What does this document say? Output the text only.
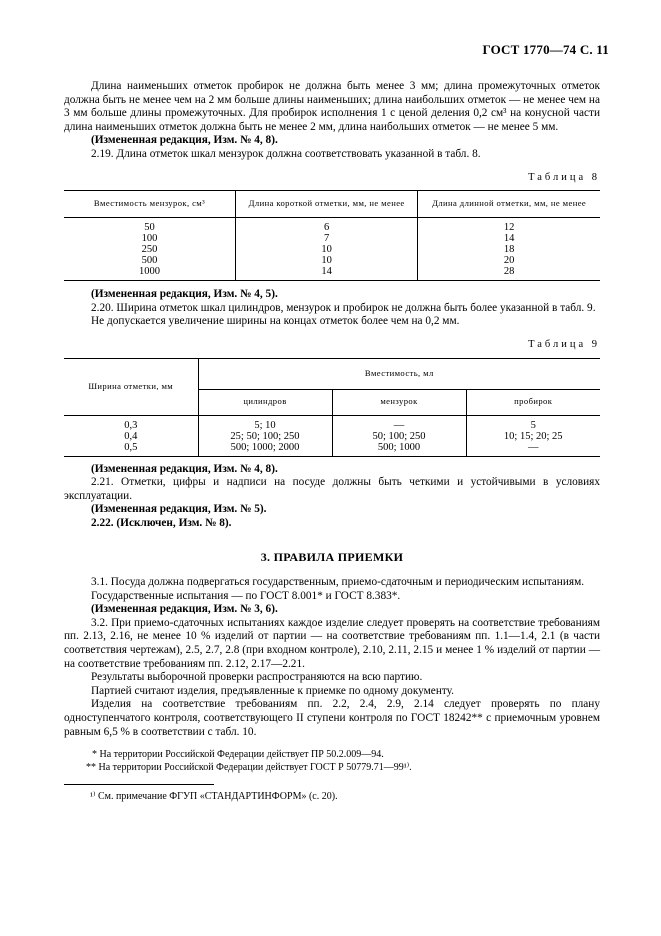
ГОСТ 1770—74 С. 11

Длина наименьших отметок пробирок не должна быть менее 3 мм; длина промежуточных отметок должна быть не менее чем на 2 мм больше длины наименьших; длина наибольших отметок — не менее чем на 3 мм больше длины промежуточных. Для пробирок исполнения 1 с ценой деления 0,2 см³ на конусной части длина наименьших отметок должна быть не менее 2 мм, длина наибольших отметок — не менее 5 мм.

(Измененная редакция, Изм. № 4, 8).

2.19. Длина отметок шкал мензурок должна соответствовать указанной в табл. 8.

Таблица 8
Вместимость мензурок, см³	Длина короткой отметки, мм, не менее	Длина длинной отметки, мм, не менее
50	6	12
100	7	14
250	10	18
500	10	20
1000	14	28

(Измененная редакция, Изм. № 4, 5).

2.20. Ширина отметок шкал цилиндров, мензурок и пробирок не должна быть более указанной в табл. 9.

Не допускается увеличение ширины на концах отметок более чем на 0,2 мм.

Таблица 9
Ширина отметки, мм	Вместимость, мл		
	цилиндров	мензурок	пробирок
0,3	5; 10	—	5
0,4	25; 50; 100; 250	50; 100; 250	10; 15; 20; 25
0,5	500; 1000; 2000	500; 1000	—

(Измененная редакция, Изм. № 4, 8).

2.21. Отметки, цифры и надписи на посуде должны быть четкими и устойчивыми в условиях эксплуатации.

(Измененная редакция, Изм. № 5).

2.22. (Исключен, Изм. № 8).

3. ПРАВИЛА ПРИЕМКИ

3.1. Посуда должна подвергаться государственным, приемо-сдаточным и периодическим испытаниям.

Государственные испытания — по ГОСТ 8.001* и ГОСТ 8.383*.

(Измененная редакция, Изм. № 3, 6).

3.2. При приемо-сдаточных испытаниях каждое изделие следует проверять на соответствие требованиям пп. 2.13, 2.16, не менее 10 % изделий от партии — на соответствие требованиям пп. 1.1—1.4, 2.1 (в части соответствия чертежам), 2.5, 2.7, 2.8 (при входном контроле), 2.10, 2.11, 2.15 и менее 1 % изделий от партии — на соответствие требованиям пп. 2.12, 2.17—2.21.

Результаты выборочной проверки распространяются на всю партию.

Партией считают изделия, предъявленные к приемке по одному документу.

Изделия на соответствие требованиям пп. 2.2, 2.4, 2.9, 2.14 следует проверять по плану одноступенчатого контроля, соответствующего II ступени контроля по ГОСТ 18242** с приемочным уровнем равным 6,5 % в соответствии с табл. 10.

* На территории Российской Федерации действует ПР 50.2.009—94.

** На территории Российской Федерации действует ГОСТ Р 50779.71—99¹⁾.

¹⁾ См. примечание ФГУП «СТАНДАРТИНФОРМ» (с. 20).
